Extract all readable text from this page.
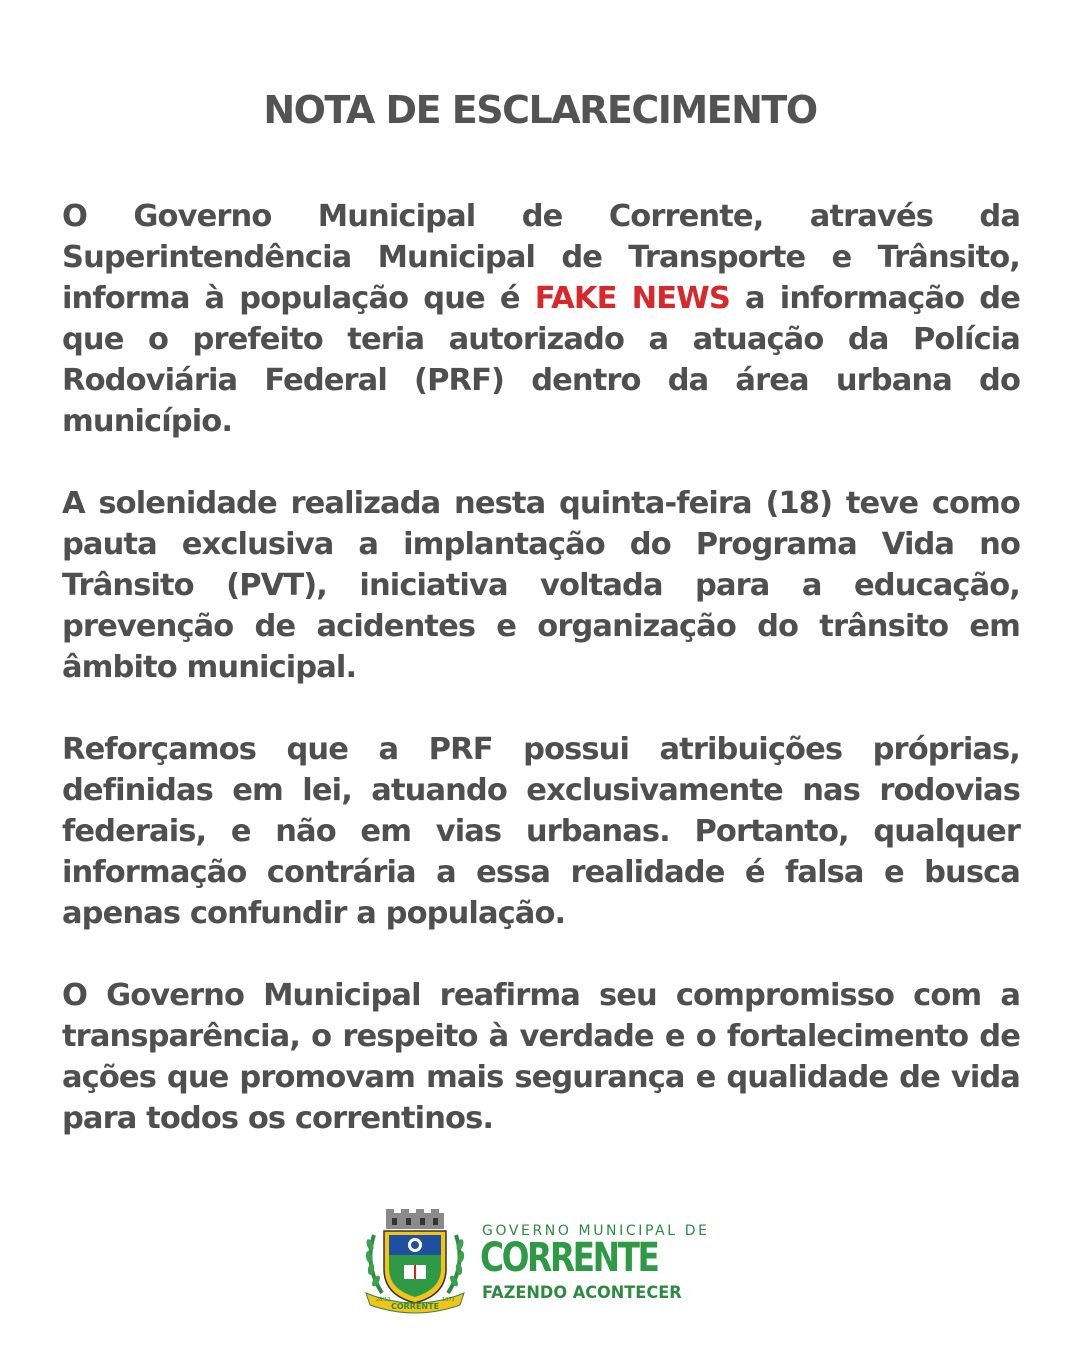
NOTA DE ESCLARECIMENTO

O Governo Municipal de Corrente, através da Superintendência Municipal de Transporte e Trânsito, informa à população que é FAKE NEWS a informação de que o prefeito teria autorizado a atuação da Polícia Rodoviária Federal (PRF) dentro da área urbana do município.

A solenidade realizada nesta quinta-feira (18) teve como pauta exclusiva a implantação do Programa Vida no Trânsito (PVT), iniciativa voltada para a educação, prevenção de acidentes e organização do trânsito em âmbito municipal.

Reforçamos que a PRF possui atribuições próprias, definidas em lei, atuando exclusivamente nas rodovias federais, e não em vias urbanas. Portanto, qualquer informação contrária a essa realidade é falsa e busca apenas confundir a população.

O Governo Municipal reafirma seu compromisso com a transparência, o respeito à verdade e o fortalecimento de ações que promovam mais segurança e qualidade de vida para todos os correntinos.

CORRENTE
28/12	1873
GOVERNO MUNICIPAL DE
CORRENTE
FAZENDO ACONTECER
